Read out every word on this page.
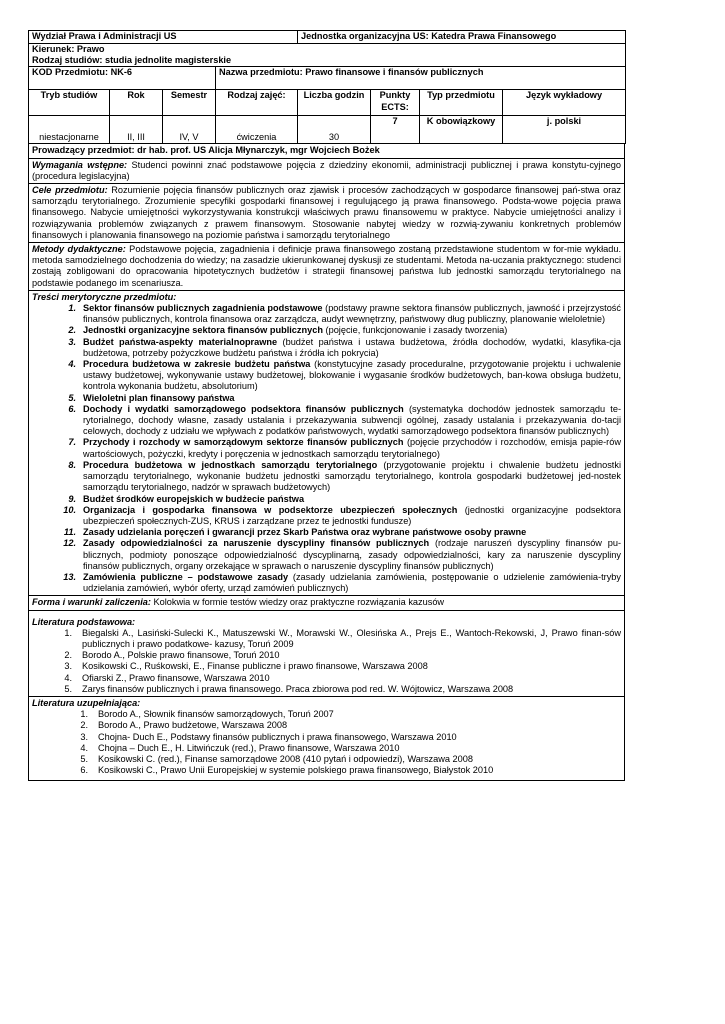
Wydział Prawa i Administracji US				Jednostka organizacyjna US: Katedra Prawa Finansowego			

Kierunek: Prawo
Rodzaj studiów: studia jednolite magisterskie							

KOD Przedmiotu: NK-6			Nazwa przedmiotu: Prawo finansowe i finansów publicznych				
Tryb studiów	Rok	Semestr	Rodzaj zajęć:	Liczba godzin	Punkty ECTS:	Typ przedmiotu	Język wykładowy
niestacjonarne	II, III	IV, V	ćwiczenia	30	7	K obowiązkowy	j. polski

Prowadzący przedmiot: dr hab. prof. US Alicja Młynarczyk, mgr Wojciech Bożek
Wymagania wstępne: Studenci powinni znać podstawowe pojęcia z dziedziny ekonomii, administracji publicznej i prawa konstytu-cyjnego (procedura legislacyjna)
Cele przedmiotu: Rozumienie pojęcia finansów publicznych oraz zjawisk i procesów zachodzących w gospodarce finansowej pań-stwa oraz samorządu terytorialnego. Zrozumienie specyfiki gospodarki finansowej i regulującego ją prawa finansowego. Podsta-wowe pojęcia prawa finansowego. Nabycie umiejętności wykorzystywania konstrukcji właściwych prawu finansowemu w praktyce. Nabycie umiejętności analizy i rozwiązywania problemów związanych z prawem finansowym. Stosowanie nabytej wiedzy w rozwią-zywaniu konkretnych problemów finansowych i planowania finansowego na poziomie państwa i samorządu terytorialnego
Metody dydaktyczne: Podstawowe pojęcia, zagadnienia i definicje prawa finansowego zostaną przedstawione studentom w for-mie wykładu. metoda samodzielnego dochodzenia do wiedzy; na zasadzie ukierunkowanej dyskusji ze studentami. Metoda na-uczania praktycznego: studenci zostają zobligowani do opracowania hipotetycznych budżetów i strategii finansowej państwa lub jednostki samorządu terytorialnego na podstawie podanego im scenariusza.
Treści merytoryczne przedmiotu:
1. Sektor finansów publicznych zagadnienia podstawowe (podstawy prawne sektora finansów publicznych, jawność i przejrzystość finansów publicznych, kontrola finansowa oraz zarządcza, audyt wewnętrzny, państwowy dług publiczny, planowanie wieloletnie)
2. Jednostki organizacyjne sektora finansów publicznych (pojęcie, funkcjonowanie i zasady tworzenia)
3. Budżet państwa-aspekty materialnoprawne (budżet państwa i ustawa budżetowa, źródła dochodów, wydatki, klasyfika-cja budżetowa, potrzeby pożyczkowe budżetu państwa i źródła ich pokrycia)
4. Procedura budżetowa w zakresie budżetu państwa (konstytucyjne zasady proceduralne, przygotowanie projektu i uchwalenie ustawy budżetowej, wykonywanie ustawy budżetowej, blokowanie i wygasanie środków budżetowych, ban-kowa obsługa budżetu, kontrola wykonania budżetu, absolutorium)
5. Wieloletni plan finansowy państwa
6. Dochody i wydatki samorządowego podsektora finansów publicznych (systematyka dochodów jednostek samorządu te-rytorialnego, dochody własne, zasady ustalania i przekazywania subwencji ogólnej, zasady ustalania i przekazywania do-tacji celowych, dochody z udziału we wpływach z podatków państwowych, wydatki samorządowego podsektora finansów publicznych)
7. Przychody i rozchody w samorządowym sektorze finansów publicznych (pojęcie przychodów i rozchodów, emisja papie-rów wartościowych, pożyczki, kredyty i poręczenia w jednostkach samorządu terytorialnego)
8. Procedura budżetowa w jednostkach samorządu terytorialnego (przygotowanie projektu i chwalenie budżetu jednostki samorządu terytorialnego, wykonanie budżetu jednostki samorządu terytorialnego, kontrola gospodarki budżetowej jed-nostek samorządu terytorialnego, nadzór w sprawach budżetowych)
9. Budżet środków europejskich w budżecie państwa
10. Organizacja i gospodarka finansowa w podsektorze ubezpieczeń społecznych (jednostki organizacyjne podsektora ubezpieczeń społecznych-ZUS, KRUS i zarządzane przez te jednostki fundusze)
11. Zasady udzielania poręczeń i gwarancji przez Skarb Państwa oraz wybrane państwowe osoby prawne
12. Zasady odpowiedzialności za naruszenie dyscypliny finansów publicznych (rodzaje naruszeń dyscypliny finansów pu-blicznych, podmioty ponoszące odpowiedzialność dyscyplinarną, zasady odpowiedzialności, kary za naruszenie dyscypliny finansów publicznych, organy orzekające w sprawach o naruszenie dyscypliny finansów publicznych)
13. Zamówienia publiczne – podstawowe zasady (zasady udzielania zamówienia, postępowanie o udzielenie zamówienia-tryby udzielania zamówień, wybór oferty, urząd zamówień publicznych)
Forma i warunki zaliczenia: Kolokwia w formie testów wiedzy oraz praktyczne rozwiązania kazusów
Literatura podstawowa:
1.	Biegalski A., Lasiński-Sulecki K., Matuszewski W., Morawski W., Olesińska A., Prejs E., Wantoch-Rekowski, J, Prawo finan-sów publicznych i prawo podatkowe- kazusy, Toruń 2009
2.	Borodo A., Polskie prawo finansowe, Toruń 2010
3.	Kosikowski C., Ruśkowski, E., Finanse publiczne i prawo finansowe, Warszawa 2008
4.	Ofiarski Z., Prawo finansowe, Warszawa 2010
5.	Zarys finansów publicznych i prawa finansowego. Praca zbiorowa pod red. W. Wójtowicz, Warszawa 2008
Literatura uzupełniająca:
1.	Borodo A., Słownik finansów samorządowych, Toruń 2007
2.	Borodo A., Prawo budżetowe, Warszawa 2008
3.	Chojna- Duch E., Podstawy finansów publicznych i prawa finansowego, Warszawa 2010
4.	Chojna – Duch E., H. Litwińczuk (red.), Prawo finansowe, Warszawa 2010
5.	Kosikowski C. (red.), Finanse samorządowe 2008 (410 pytań i odpowiedzi), Warszawa 2008
6.	Kosikowski C., Prawo Unii Europejskiej w systemie polskiego prawa finansowego, Białystok 2010
